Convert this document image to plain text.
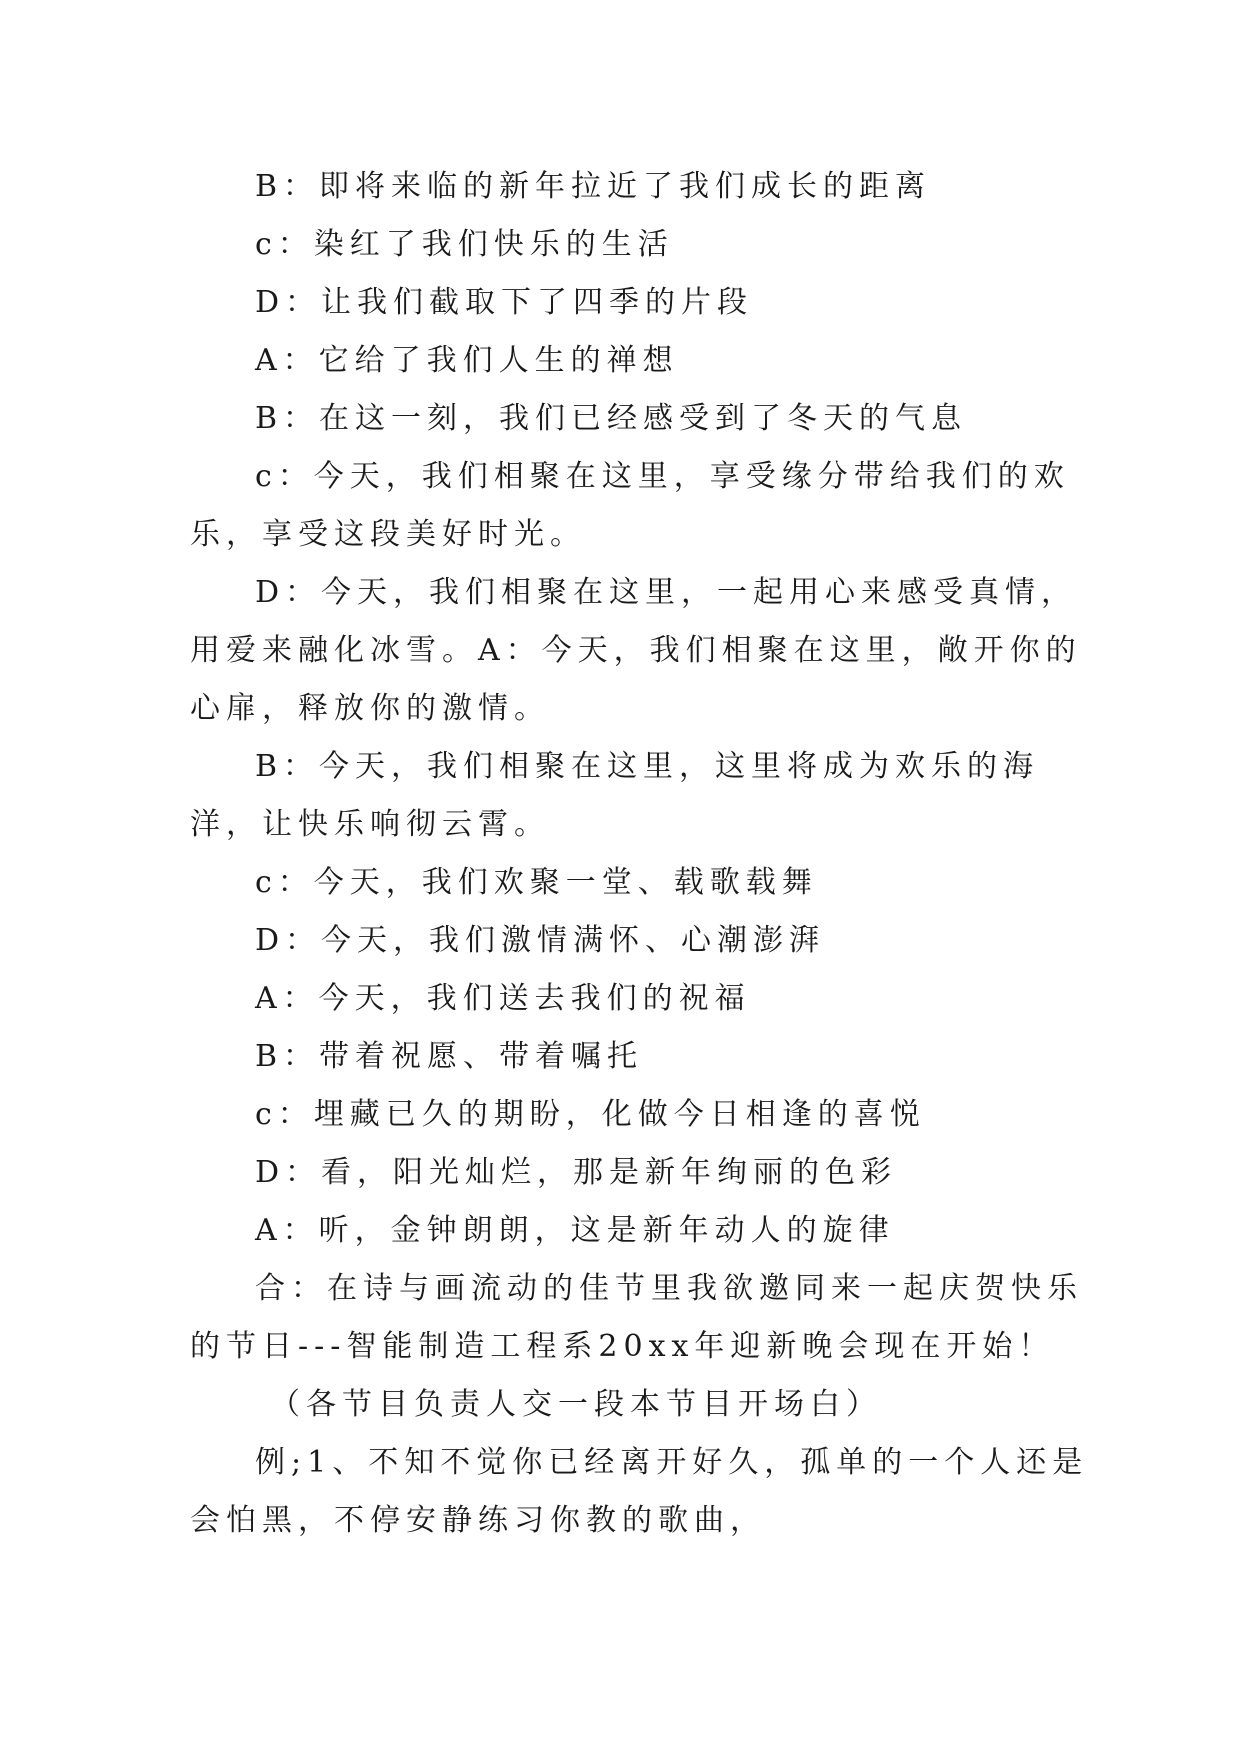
B：即将来临的新年拉近了我们成长的距离

c：染红了我们快乐的生活

D：让我们截取下了四季的片段

A：它给了我们人生的禅想

B：在这一刻，我们已经感受到了冬天的气息

c：今天，我们相聚在这里，享受缘分带给我们的欢乐，享受这段美好时光。

D：今天，我们相聚在这里，一起用心来感受真情，用爱来融化冰雪。A：今天，我们相聚在这里，敞开你的心扉，释放你的激情。

B：今天，我们相聚在这里，这里将成为欢乐的海洋，让快乐响彻云霄。

c：今天，我们欢聚一堂、载歌载舞

D：今天，我们激情满怀、心潮澎湃

A：今天，我们送去我们的祝福

B：带着祝愿、带着嘱托

c：埋藏已久的期盼，化做今日相逢的喜悦

D：看，阳光灿烂，那是新年绚丽的色彩

A：听，金钟朗朗，这是新年动人的旋律

合：在诗与画流动的佳节里我欲邀同来一起庆贺快乐的节日---智能制造工程系20xx年迎新晚会现在开始！

（各节目负责人交一段本节目开场白）

例;1、不知不觉你已经离开好久，孤单的一个人还是会怕黑，不停安静练习你教的歌曲，
